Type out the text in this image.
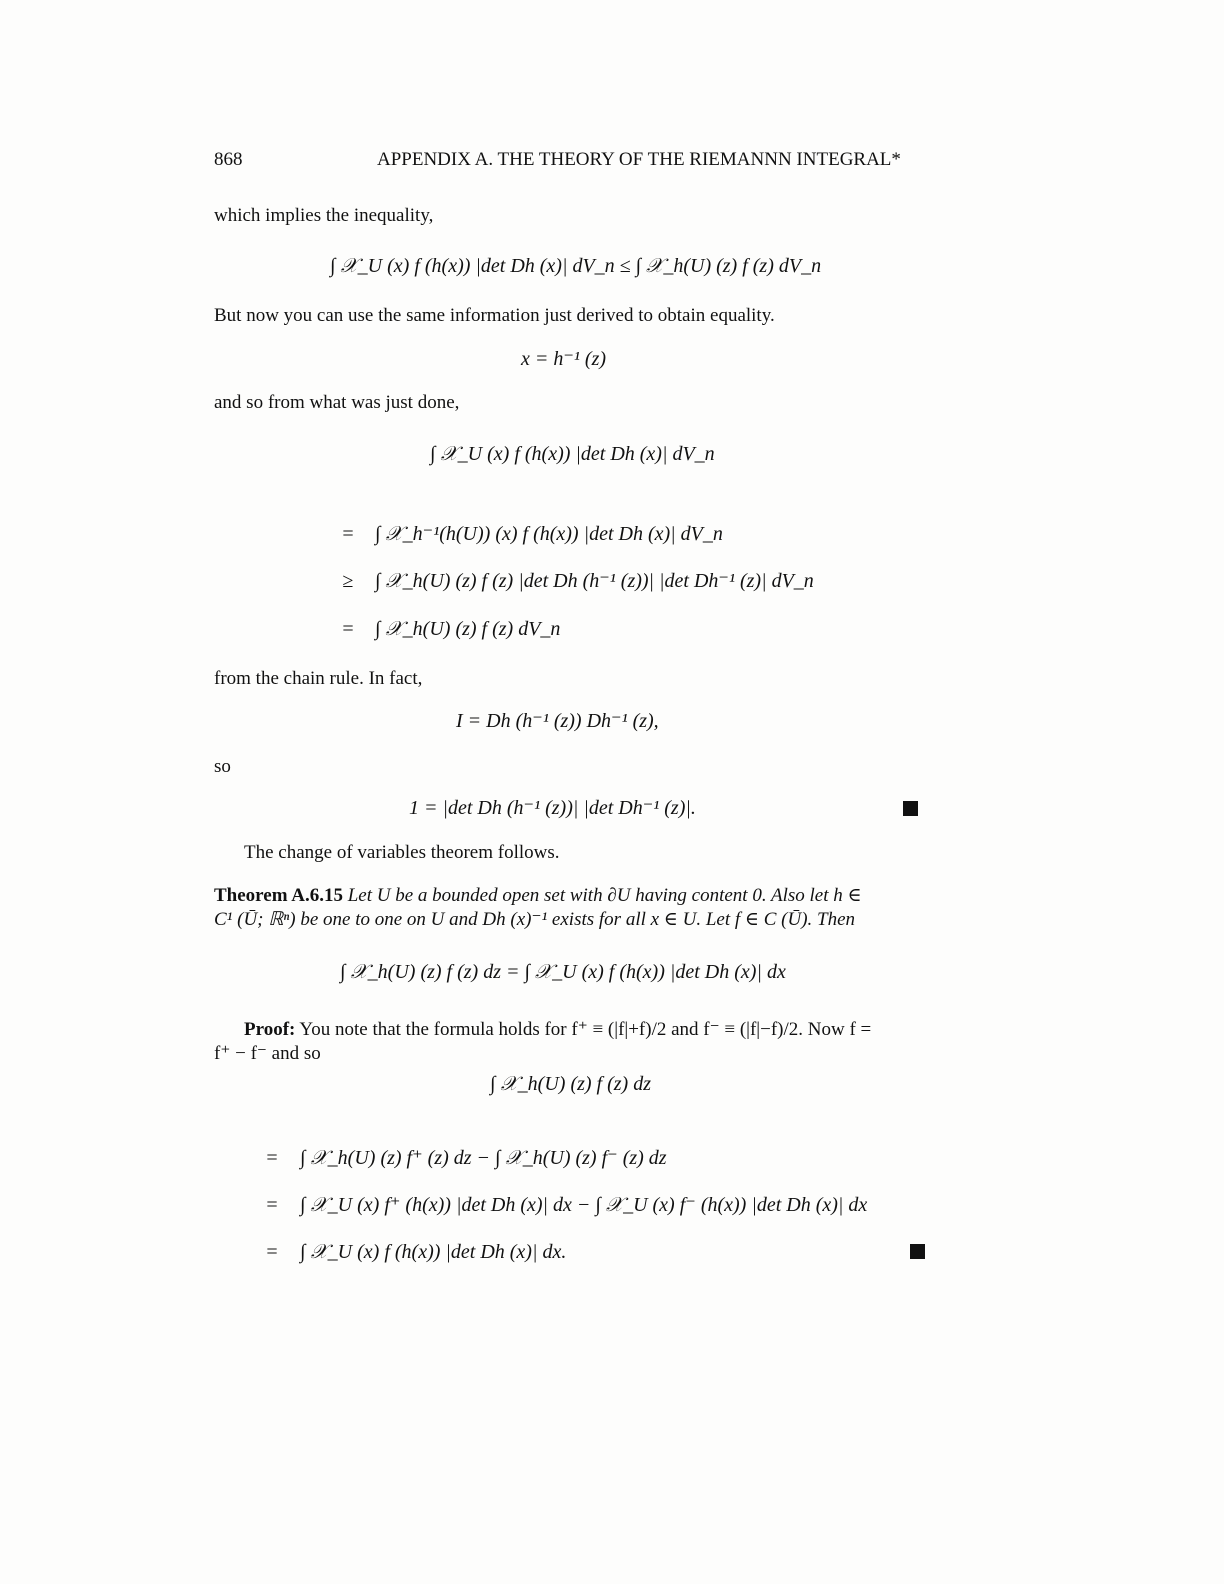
868	APPENDIX A. THE THEORY OF THE RIEMANNN INTEGRAL*
which implies the inequality,
∫ 𝒳_U (x) f (h(x)) |det Dh (x)| dV_n ≤ ∫ 𝒳_h(U) (z) f (z) dV_n
But now you can use the same information just derived to obtain equality.
x = h⁻¹ (z)
and so from what was just done,
∫ 𝒳_U (x) f (h(x)) |det Dh (x)| dV_n
=	∫ 𝒳_h⁻¹(h(U)) (x) f (h(x)) |det Dh (x)| dV_n
≥	∫ 𝒳_h(U) (z) f (z) |det Dh (h⁻¹ (z))| |det Dh⁻¹ (z)| dV_n
=	∫ 𝒳_h(U) (z) f (z) dV_n
from the chain rule. In fact,
I = Dh (h⁻¹ (z)) Dh⁻¹ (z),
so
1 = |det Dh (h⁻¹ (z))| |det Dh⁻¹ (z)|.
The change of variables theorem follows.
Theorem A.6.15 Let U be a bounded open set with ∂U having content 0. Also let h ∈
C¹ (Ū; ℝⁿ) be one to one on U and Dh (x)⁻¹ exists for all x ∈ U. Let f ∈ C (Ū). Then
∫ 𝒳_h(U) (z) f (z) dz = ∫ 𝒳_U (x) f (h(x)) |det Dh (x)| dx
Proof: You note that the formula holds for f⁺ ≡ (|f|+f)/2 and f⁻ ≡ (|f|−f)/2. Now f =
f⁺ − f⁻ and so
∫ 𝒳_h(U) (z) f (z) dz
=	∫ 𝒳_h(U) (z) f⁺ (z) dz − ∫ 𝒳_h(U) (z) f⁻ (z) dz
=	∫ 𝒳_U (x) f⁺ (h(x)) |det Dh (x)| dx − ∫ 𝒳_U (x) f⁻ (h(x)) |det Dh (x)| dx
=	∫ 𝒳_U (x) f (h(x)) |det Dh (x)| dx.
